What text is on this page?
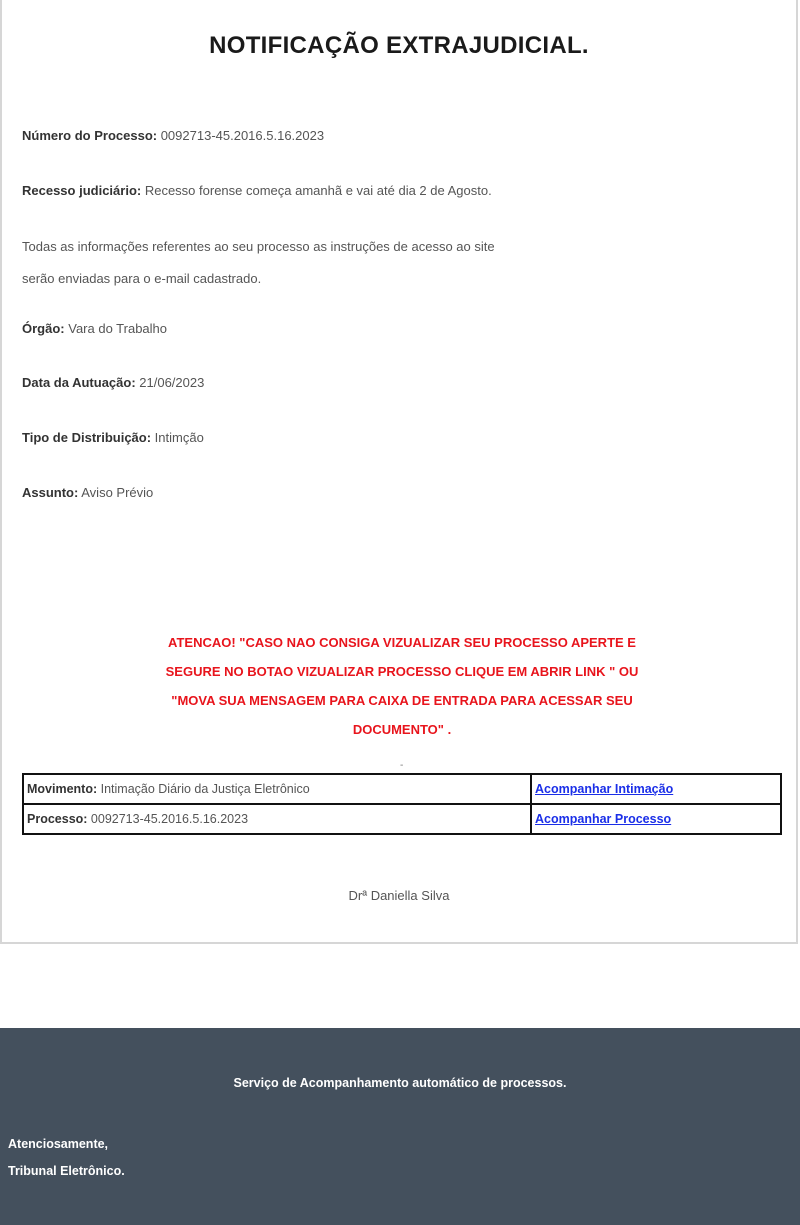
NOTIFICAÇÃO EXTRAJUDICIAL.
Número do Processo: 0092713-45.2016.5.16.2023
Recesso judiciário: Recesso forense começa amanhã e vai até dia 2 de Agosto.
Todas as informações referentes ao seu processo as instruções de acesso ao site
serão enviadas para o e-mail cadastrado.
Órgão: Vara do Trabalho
Data da Autuação: 21/06/2023
Tipo de Distribuição: Intimção
Assunto: Aviso Prévio
ATENCAO! "CASO NAO CONSIGA VIZUALIZAR SEU PROCESSO APERTE E
SEGURE NO BOTAO VIZUALIZAR PROCESSO CLIQUE EM ABRIR LINK " OU
"MOVA SUA MENSAGEM PARA CAIXA DE ENTRADA PARA ACESSAR SEU
DOCUMENTO" .
-
Movimento: Intimação Diário da Justiça Eletrônico	Acompanhar Intimação
Processo: 0092713-45.2016.5.16.2023	Acompanhar Processo
Drª Daniella Silva
Serviço de Acompanhamento automático de processos.
Atenciosamente,
Tribunal Eletrônico.
